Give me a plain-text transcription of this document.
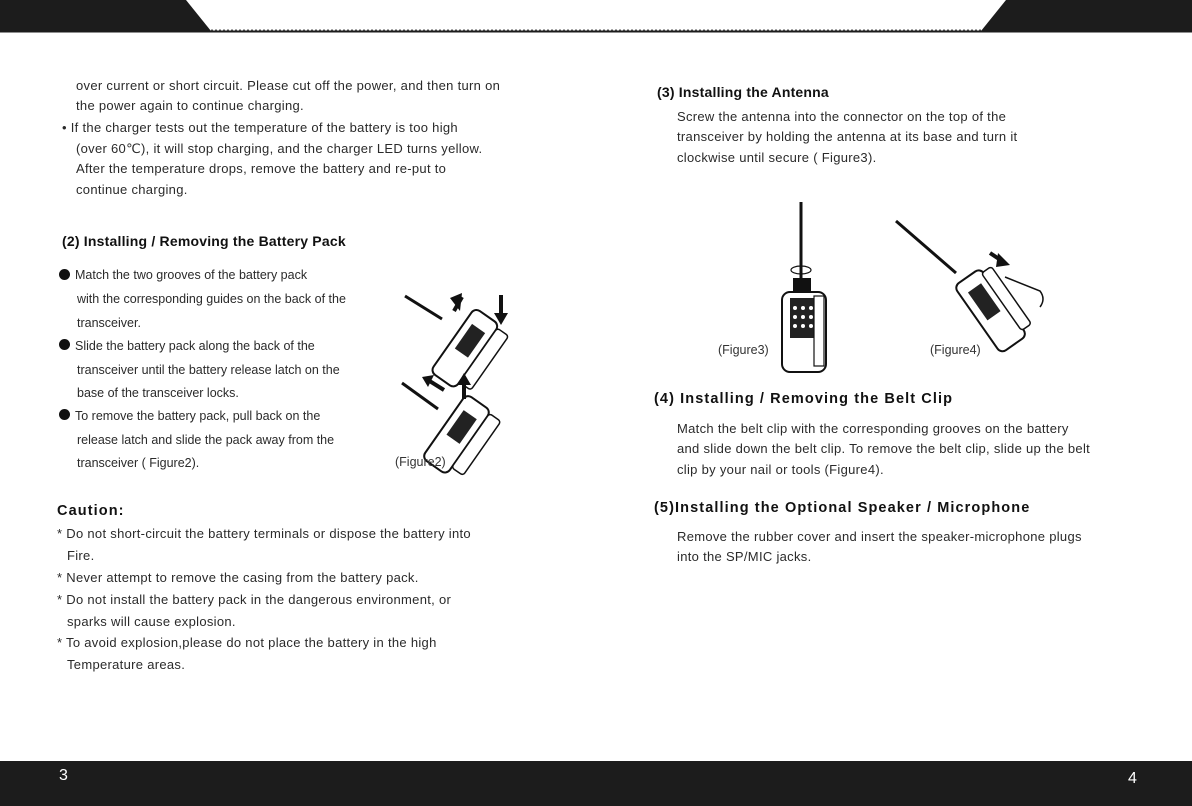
over current or short circuit. Please cut off the power, and then turn on
the power again to continue charging.
• If the charger tests out the temperature of the battery is too high
(over 60℃), it will stop charging, and the charger LED turns yellow.
After the temperature drops, remove the battery and re-put to
continue charging.
(2) Installing / Removing the Battery Pack
Match the two grooves of the battery pack
with the corresponding guides on the back of the
transceiver.
Slide the battery pack along the back of the
transceiver until the battery release latch on the
base of the transceiver locks.
To remove the battery pack, pull back on the
release latch and slide the pack away from the
transceiver ( Figure2).	(Figure2)
Caution:
* Do not short-circuit the battery terminals or dispose the battery into
Fire.
* Never attempt to remove the casing from the battery pack.
* Do not install the battery pack in the dangerous environment, or
sparks will cause explosion.
* To avoid explosion,please do not place the battery in the high
Temperature areas.
(3) Installing the Antenna
Screw the antenna into the connector on the top of the
transceiver by holding the antenna at its base and turn it
clockwise until secure ( Figure3).
(Figure3)	(Figure4)
(4) Installing / Removing the Belt Clip
Match the belt clip with the corresponding grooves on the battery
and slide down the belt clip. To remove the belt clip, slide up the belt
clip by your nail or tools (Figure4).
(5)Installing the Optional Speaker / Microphone
Remove the rubber cover and insert the speaker-microphone plugs
into the SP/MIC jacks.
3	4
